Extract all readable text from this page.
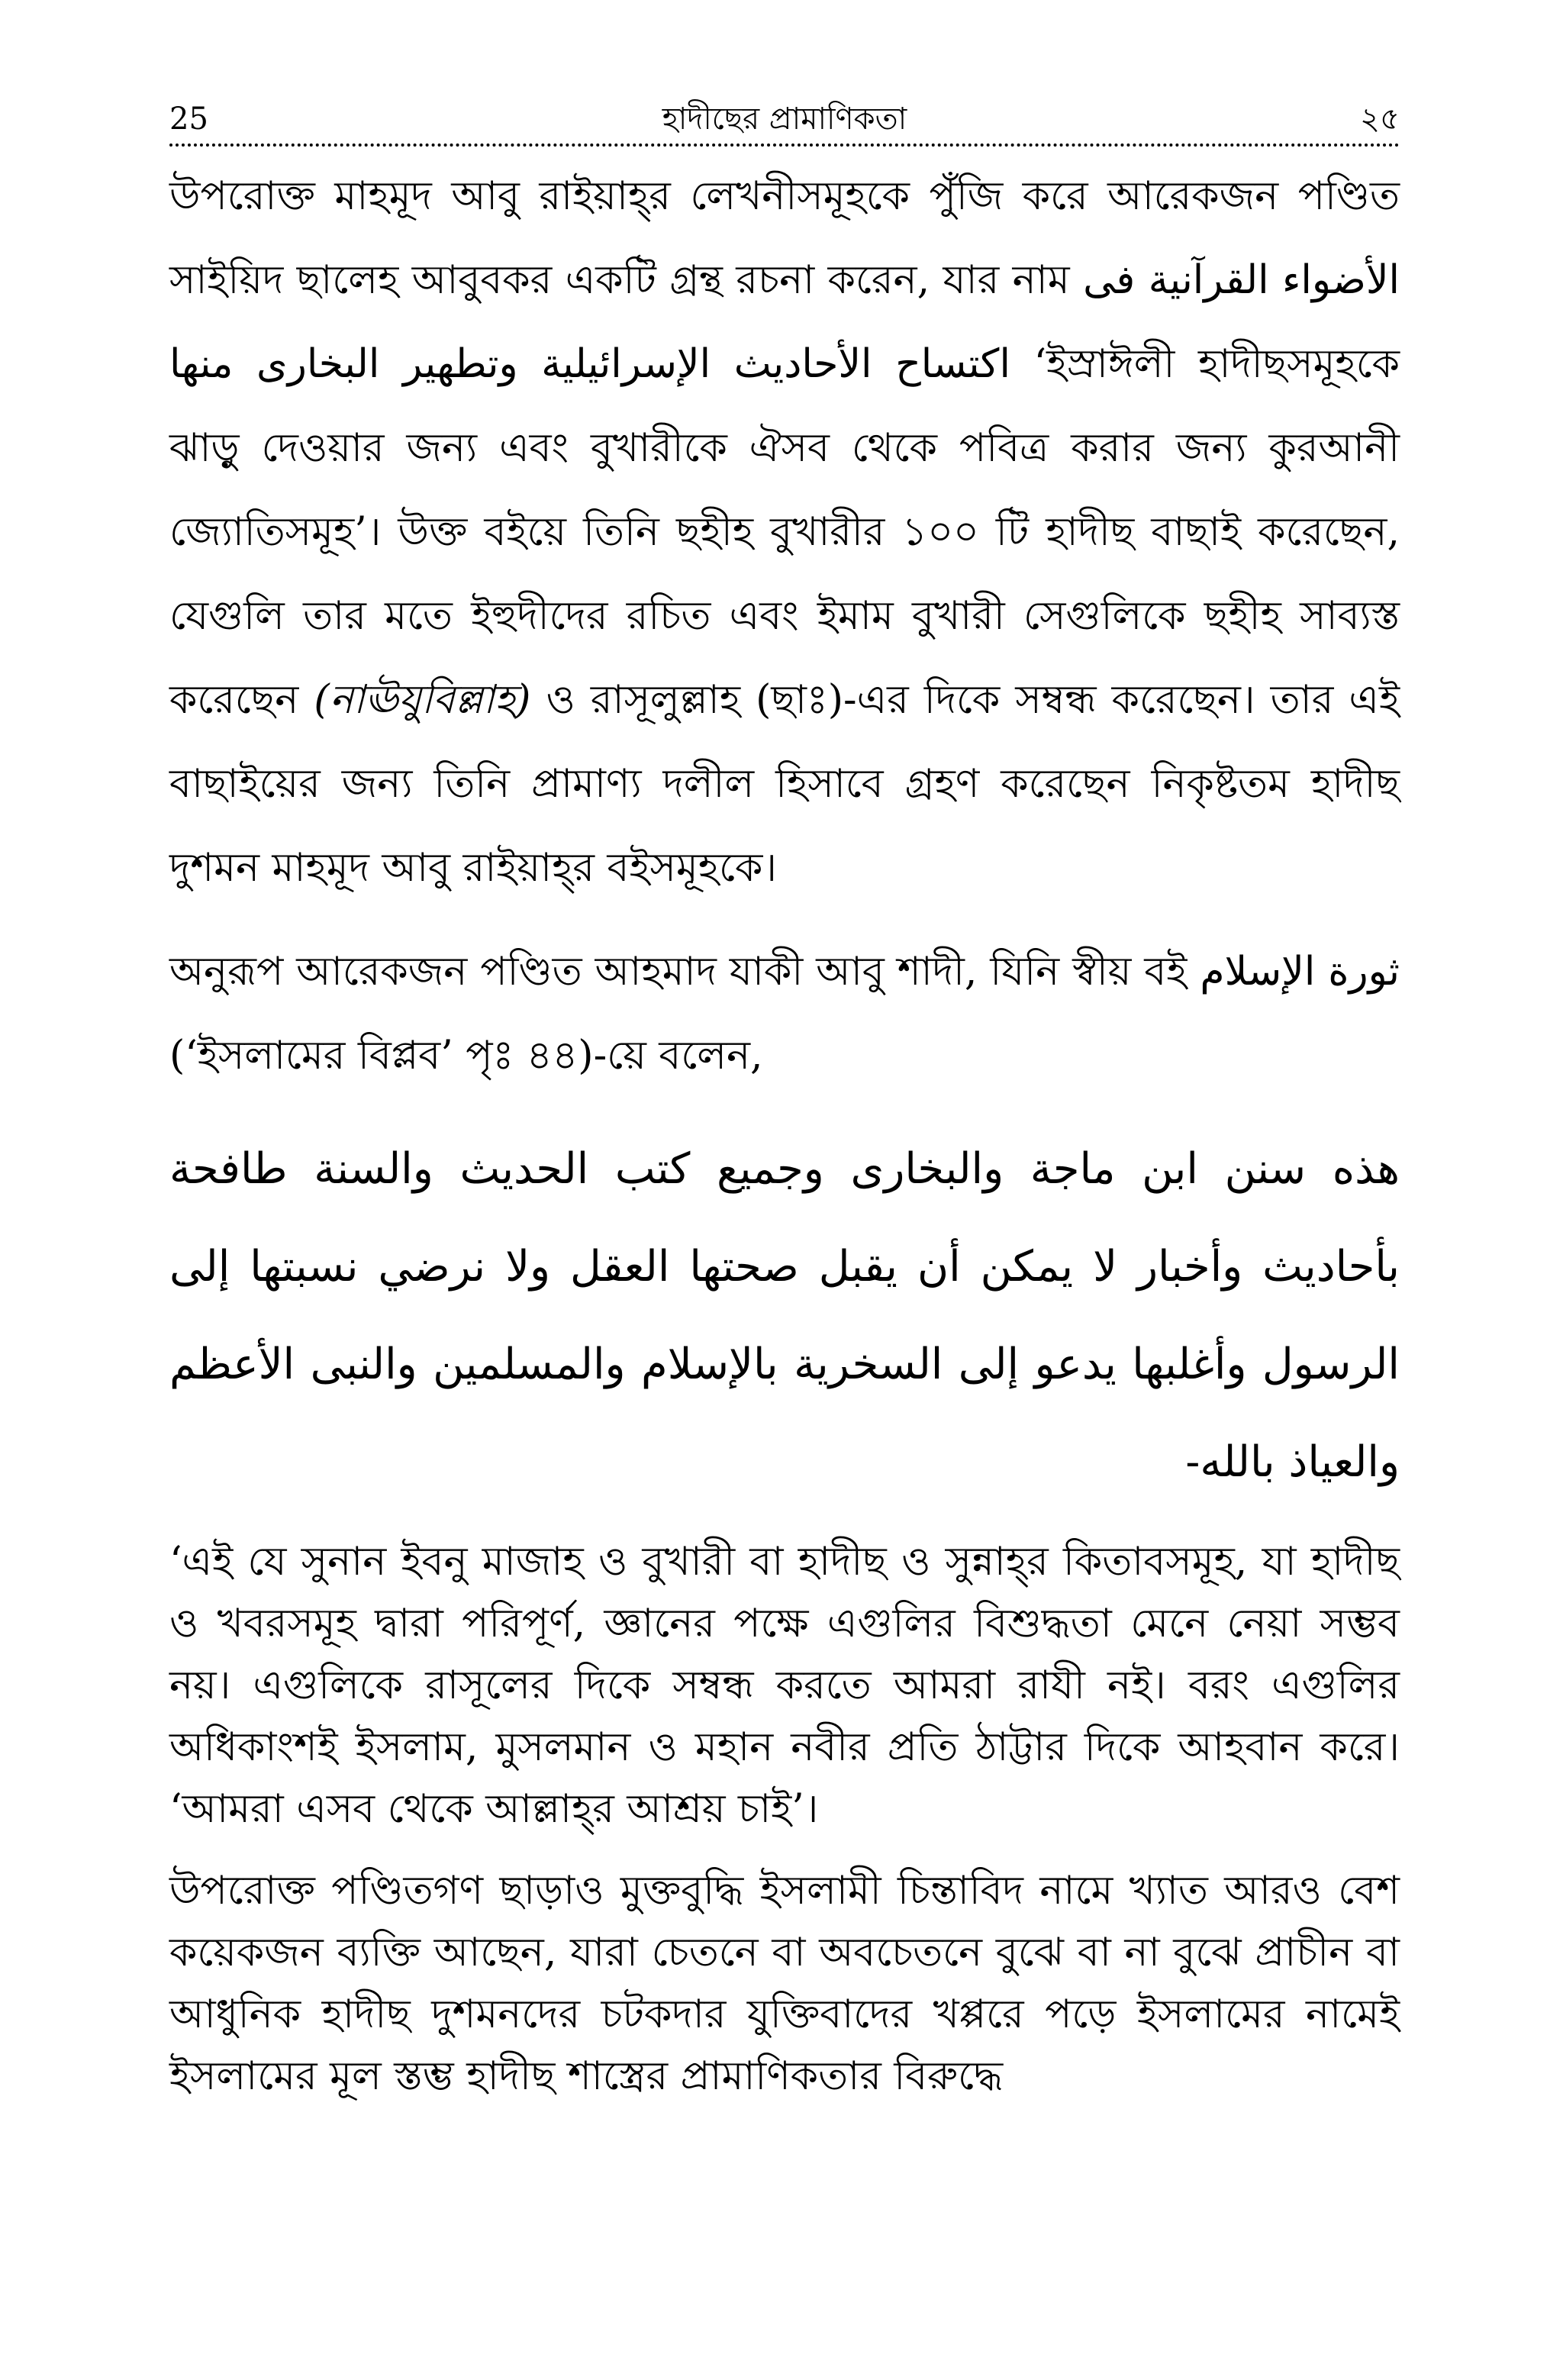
25	হাদীছের প্রামাণিকতা	২৫

উপরোক্ত মাহমূদ আবু রাইয়াহ্‌র লেখনীসমূহকে পুঁজি করে আরেকজন পণ্ডিত সাইয়িদ ছালেহ আবুবকর একটি গ্রন্থ রচনা করেন, যার নাম الأضواء القرآنية فى اكتساح الأحاديث الإسرائيلية وتطهير البخارى منها ‘ইস্রাঈলী হাদীছসমূহকে ঝাড়ু দেওয়ার জন্য এবং বুখারীকে ঐসব থেকে পবিত্র করার জন্য কুরআনী জ্যোতিসমূহ’। উক্ত বইয়ে তিনি ছহীহ বুখারীর ১০০ টি হাদীছ বাছাই করেছেন, যেগুলি তার মতে ইহুদীদের রচিত এবং ইমাম বুখারী সেগুলিকে ছহীহ সাব্যস্ত করেছেন (নাঊযুবিল্লাহ) ও রাসূলুল্লাহ (ছাঃ)-এর দিকে সম্বন্ধ করেছেন। তার এই বাছাইয়ের জন্য তিনি প্রামাণ্য দলীল হিসাবে গ্রহণ করেছেন নিকৃষ্টতম হাদীছ দুশমন মাহমূদ আবু রাইয়াহ্‌র বইসমূহকে।

অনুরূপ আরেকজন পণ্ডিত আহমাদ যাকী আবু শাদী, যিনি স্বীয় বই ثورة الإسلام (‘ইসলামের বিপ্লব’ পৃঃ ৪৪)-য়ে বলেন,

هذه سنن ابن ماجة والبخارى وجميع كتب الحديث والسنة طافحة بأحاديث وأخبار لا يمكن أن يقبل صحتها العقل ولا نرضي نسبتها إلى الرسول وأغلبها يدعو إلى السخرية بالإسلام والمسلمين والنبى الأعظم والعياذ بالله-

‘এই যে সুনান ইবনু মাজাহ ও বুখারী বা হাদীছ ও সুন্নাহ্‌র কিতাবসমূহ, যা হাদীছ ও খবরসমূহ দ্বারা পরিপূর্ণ, জ্ঞানের পক্ষে এগুলির বিশুদ্ধতা মেনে নেয়া সম্ভব নয়। এগুলিকে রাসূলের দিকে সম্বন্ধ করতে আমরা রাযী নই। বরং এগুলির অধিকাংশই ইসলাম, মুসলমান ও মহান নবীর প্রতি ঠাট্টার দিকে আহবান করে। ‘আমরা এসব থেকে আল্লাহ্‌র আশ্রয় চাই’।

উপরোক্ত পণ্ডিতগণ ছাড়াও মুক্তবুদ্ধি ইসলামী চিন্তাবিদ নামে খ্যাত আরও বেশ কয়েকজন ব্যক্তি আছেন, যারা চেতনে বা অবচেতনে বুঝে বা না বুঝে প্রাচীন বা আধুনিক হাদীছ দুশমনদের চটকদার যুক্তিবাদের খপ্পরে পড়ে ইসলামের নামেই ইসলামের মূল স্তম্ভ হাদীছ শাস্ত্রের প্রামাণিকতার বিরুদ্ধে
